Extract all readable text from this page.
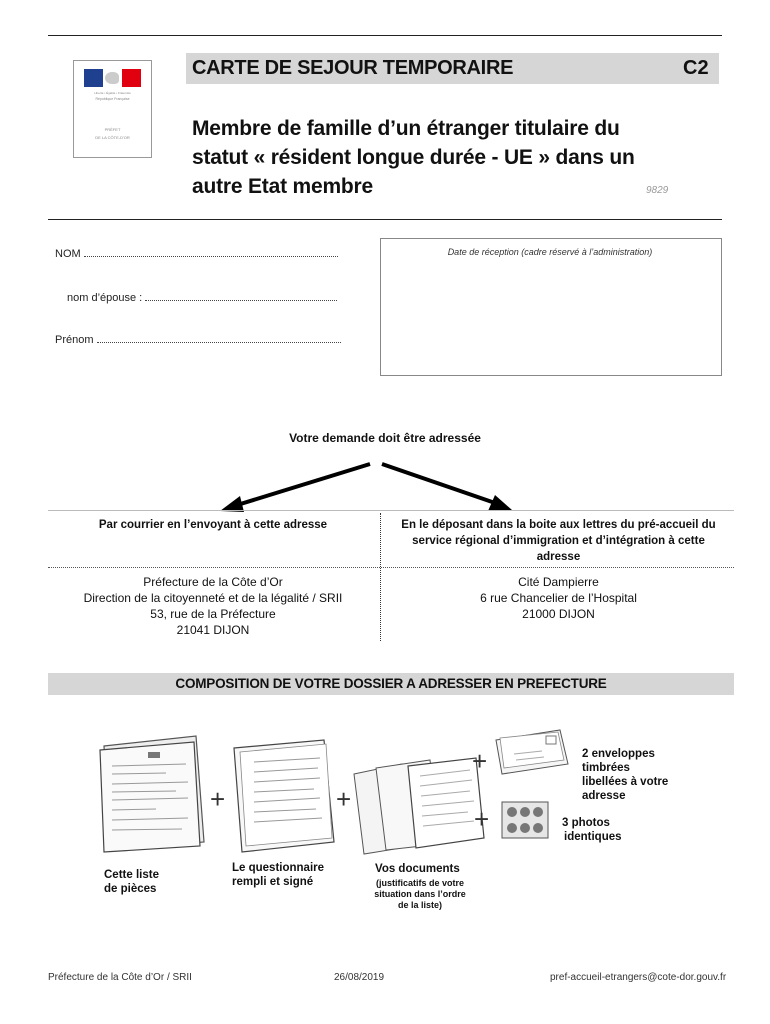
Liberté • Égalité • Fraternité
République Française
PRÉFET
DE LA CÔTE-D'OR
CARTE DE SEJOUR TEMPORAIRE	C2
Membre de famille d’un étranger titulaire du
statut « résident longue durée - UE » dans un
autre Etat membre	9829
NOM
nom d’épouse :
Prénom
Date de réception (cadre réservé à l’administration)
Votre demande doit être adressée
Par courrier en l’envoyant à cette adresse	En le déposant dans la boite aux lettres du pré-accueil du
service régional d’immigration et d’intégration à cette
adresse
Préfecture de la Côte d’Or
Direction de la citoyenneté et de la légalité / SRII
53, rue de la Préfecture
21041 DIJON
Cité Dampierre
6 rue Chancelier de l’Hospital
21000 DIJON
COMPOSITION DE VOTRE DOSSIER A ADRESSER EN PREFECTURE
+	+
+
+
Cette liste
de pièces
Le questionnaire
rempli et signé
Vos documents
(justificatifs de votre
situation dans l’ordre
de la liste)
2 enveloppes
timbrées
libellées à votre
adresse
3 photos
identiques
Préfecture de la Côte d’Or / SRII	26/08/2019	pref-accueil-etrangers@cote-dor.gouv.fr
